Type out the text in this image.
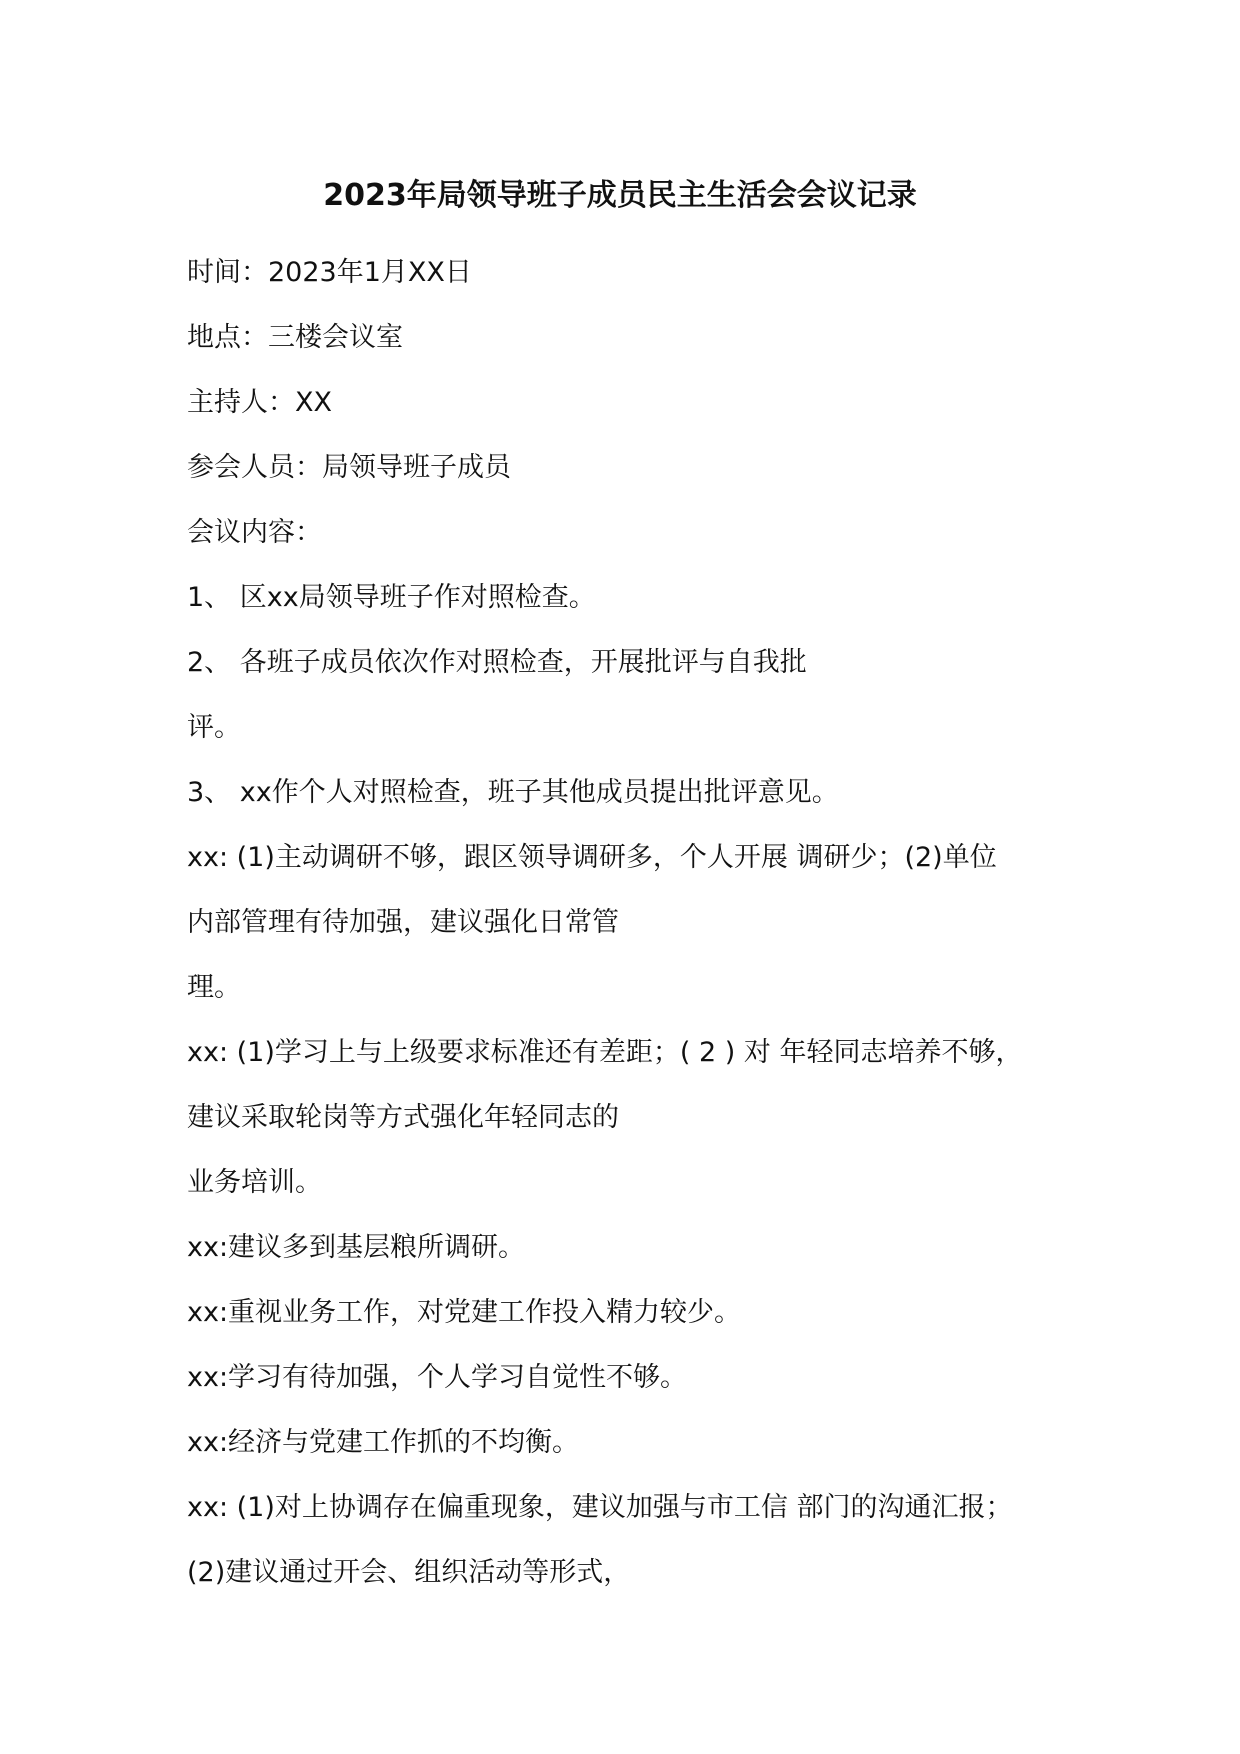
2023年局领导班子成员民主生活会会议记录

时间：2023年1月XX日

地点：三楼会议室

主持人：XX

参会人员：局领导班子成员

会议内容：

1、 区xx局领导班子作对照检查。

2、 各班子成员依次作对照检查，开展批评与自我批

评。

3、 xx作个人对照检查，班子其他成员提出批评意见。

xx: (1)主动调研不够，跟区领导调研多，个人开展 调研少；(2)单位

内部管理有待加强，建议强化日常管

理。

xx: (1)学习上与上级要求标准还有差距；( 2 ) 对 年轻同志培养不够，

建议采取轮岗等方式强化年轻同志的

业务培训。

xx:建议多到基层粮所调研。

xx:重视业务工作，对党建工作投入精力较少。

xx:学习有待加强，个人学习自觉性不够。

xx:经济与党建工作抓的不均衡。

xx: (1)对上协调存在偏重现象，建议加强与市工信 部门的沟通汇报；

(2)建议通过开会、组织活动等形式，
